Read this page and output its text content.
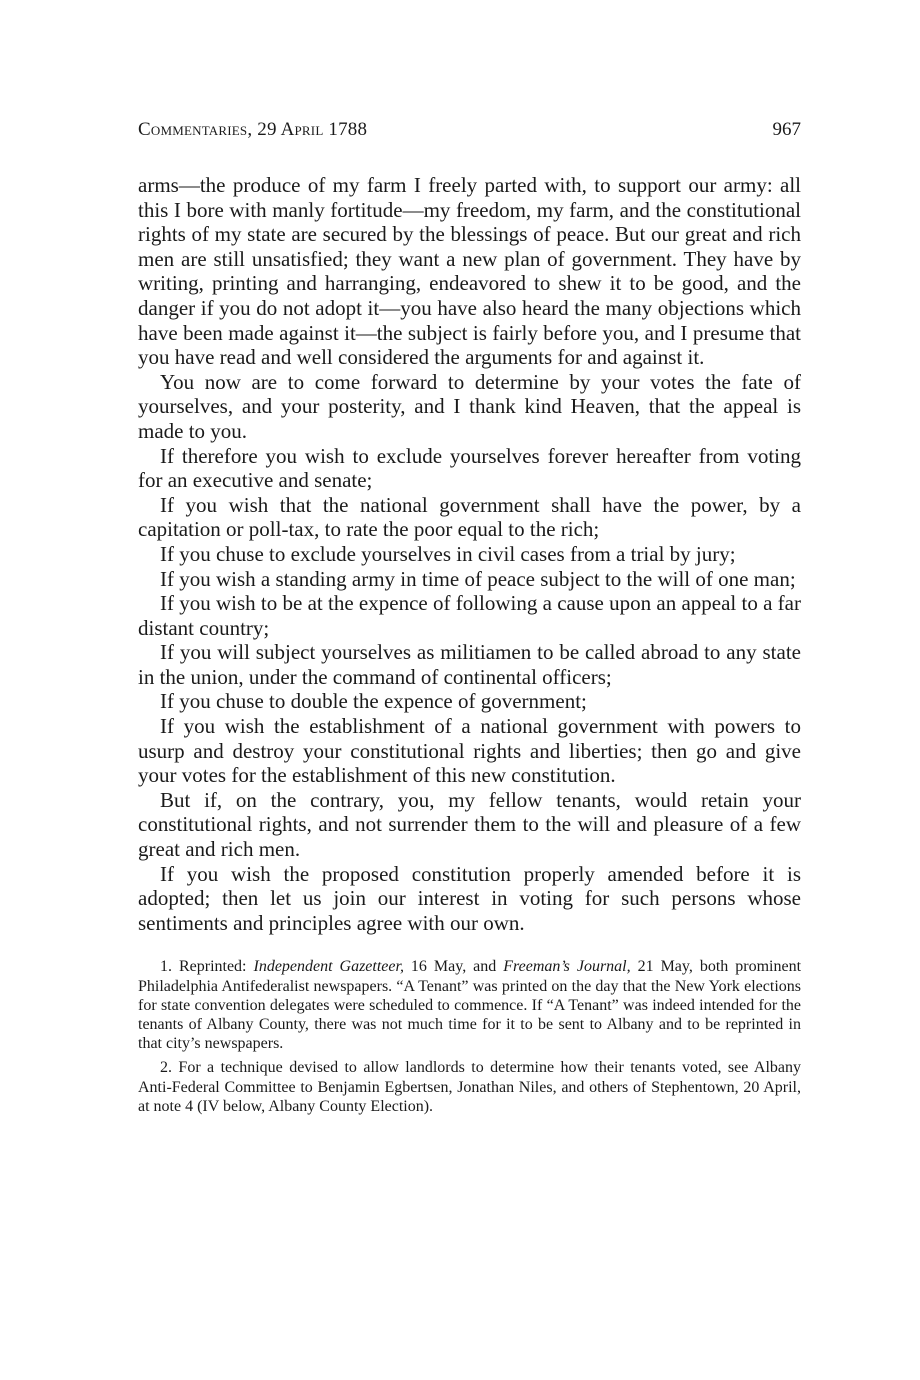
Commentaries, 29 April 1788	967

arms—the produce of my farm I freely parted with, to support our army: all this I bore with manly fortitude—my freedom, my farm, and the constitutional rights of my state are secured by the blessings of peace. But our great and rich men are still unsatisfied; they want a new plan of government. They have by writing, printing and harranging, endeavored to shew it to be good, and the danger if you do not adopt it—you have also heard the many objections which have been made against it—the subject is fairly before you, and I presume that you have read and well considered the arguments for and against it.

You now are to come forward to determine by your votes the fate of yourselves, and your posterity, and I thank kind Heaven, that the appeal is made to you.

If therefore you wish to exclude yourselves forever hereafter from voting for an executive and senate;

If you wish that the national government shall have the power, by a capitation or poll-tax, to rate the poor equal to the rich;

If you chuse to exclude yourselves in civil cases from a trial by jury;

If you wish a standing army in time of peace subject to the will of one man;

If you wish to be at the expence of following a cause upon an appeal to a far distant country;

If you will subject yourselves as militiamen to be called abroad to any state in the union, under the command of continental officers;

If you chuse to double the expence of government;

If you wish the establishment of a national government with powers to usurp and destroy your constitutional rights and liberties; then go and give your votes for the establishment of this new constitution.

But if, on the contrary, you, my fellow tenants, would retain your constitutional rights, and not surrender them to the will and pleasure of a few great and rich men.

If you wish the proposed constitution properly amended before it is adopted; then let us join our interest in voting for such persons whose sentiments and principles agree with our own.

1. Reprinted: Independent Gazetteer, 16 May, and Freeman’s Journal, 21 May, both prominent Philadelphia Antifederalist newspapers. “A Tenant” was printed on the day that the New York elections for state convention delegates were scheduled to commence. If “A Tenant” was indeed intended for the tenants of Albany County, there was not much time for it to be sent to Albany and to be reprinted in that city’s newspapers.

2. For a technique devised to allow landlords to determine how their tenants voted, see Albany Anti-Federal Committee to Benjamin Egbertsen, Jonathan Niles, and others of Stephentown, 20 April, at note 4 (IV below, Albany County Election).
